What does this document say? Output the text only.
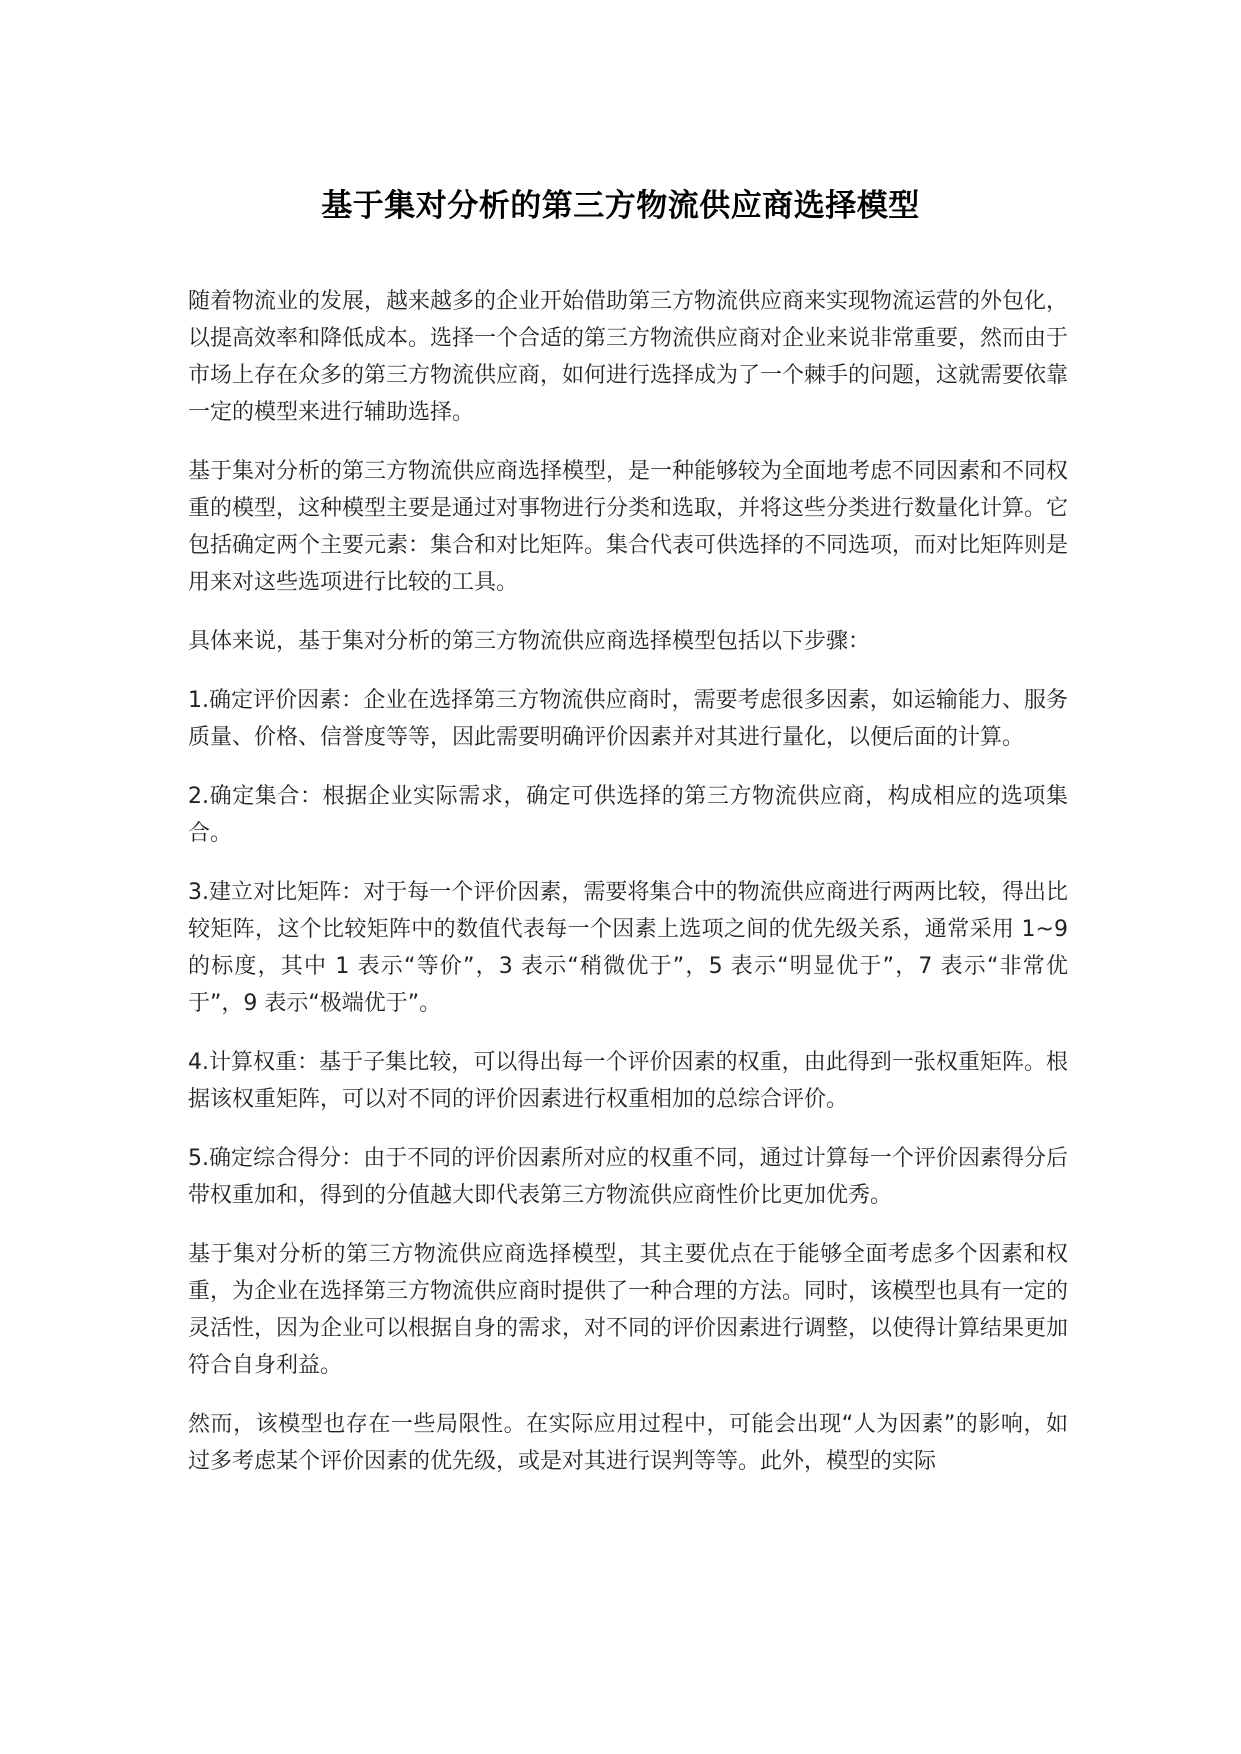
基于集对分析的第三方物流供应商选择模型

随着物流业的发展，越来越多的企业开始借助第三方物流供应商来实现物流运营的外包化，以提高效率和降低成本。选择一个合适的第三方物流供应商对企业来说非常重要，然而由于市场上存在众多的第三方物流供应商，如何进行选择成为了一个棘手的问题，这就需要依靠一定的模型来进行辅助选择。

基于集对分析的第三方物流供应商选择模型，是一种能够较为全面地考虑不同因素和不同权重的模型，这种模型主要是通过对事物进行分类和选取，并将这些分类进行数量化计算。它包括确定两个主要元素：集合和对比矩阵。集合代表可供选择的不同选项，而对比矩阵则是用来对这些选项进行比较的工具。

具体来说，基于集对分析的第三方物流供应商选择模型包括以下步骤：

1.确定评价因素：企业在选择第三方物流供应商时，需要考虑很多因素，如运输能力、服务质量、价格、信誉度等等，因此需要明确评价因素并对其进行量化，以便后面的计算。

2.确定集合：根据企业实际需求，确定可供选择的第三方物流供应商，构成相应的选项集合。

3.建立对比矩阵：对于每一个评价因素，需要将集合中的物流供应商进行两两比较，得出比较矩阵，这个比较矩阵中的数值代表每一个因素上选项之间的优先级关系，通常采用 1~9 的标度，其中 1 表示“等价”，3 表示“稍微优于”，5 表示“明显优于”，7 表示“非常优于”，9 表示“极端优于”。

4.计算权重：基于子集比较，可以得出每一个评价因素的权重，由此得到一张权重矩阵。根据该权重矩阵，可以对不同的评价因素进行权重相加的总综合评价。

5.确定综合得分：由于不同的评价因素所对应的权重不同，通过计算每一个评价因素得分后带权重加和，得到的分值越大即代表第三方物流供应商性价比更加优秀。

基于集对分析的第三方物流供应商选择模型，其主要优点在于能够全面考虑多个因素和权重，为企业在选择第三方物流供应商时提供了一种合理的方法。同时，该模型也具有一定的灵活性，因为企业可以根据自身的需求，对不同的评价因素进行调整，以使得计算结果更加符合自身利益。

然而，该模型也存在一些局限性。在实际应用过程中，可能会出现“人为因素”的影响，如过多考虑某个评价因素的优先级，或是对其进行误判等等。此外，模型的实际
